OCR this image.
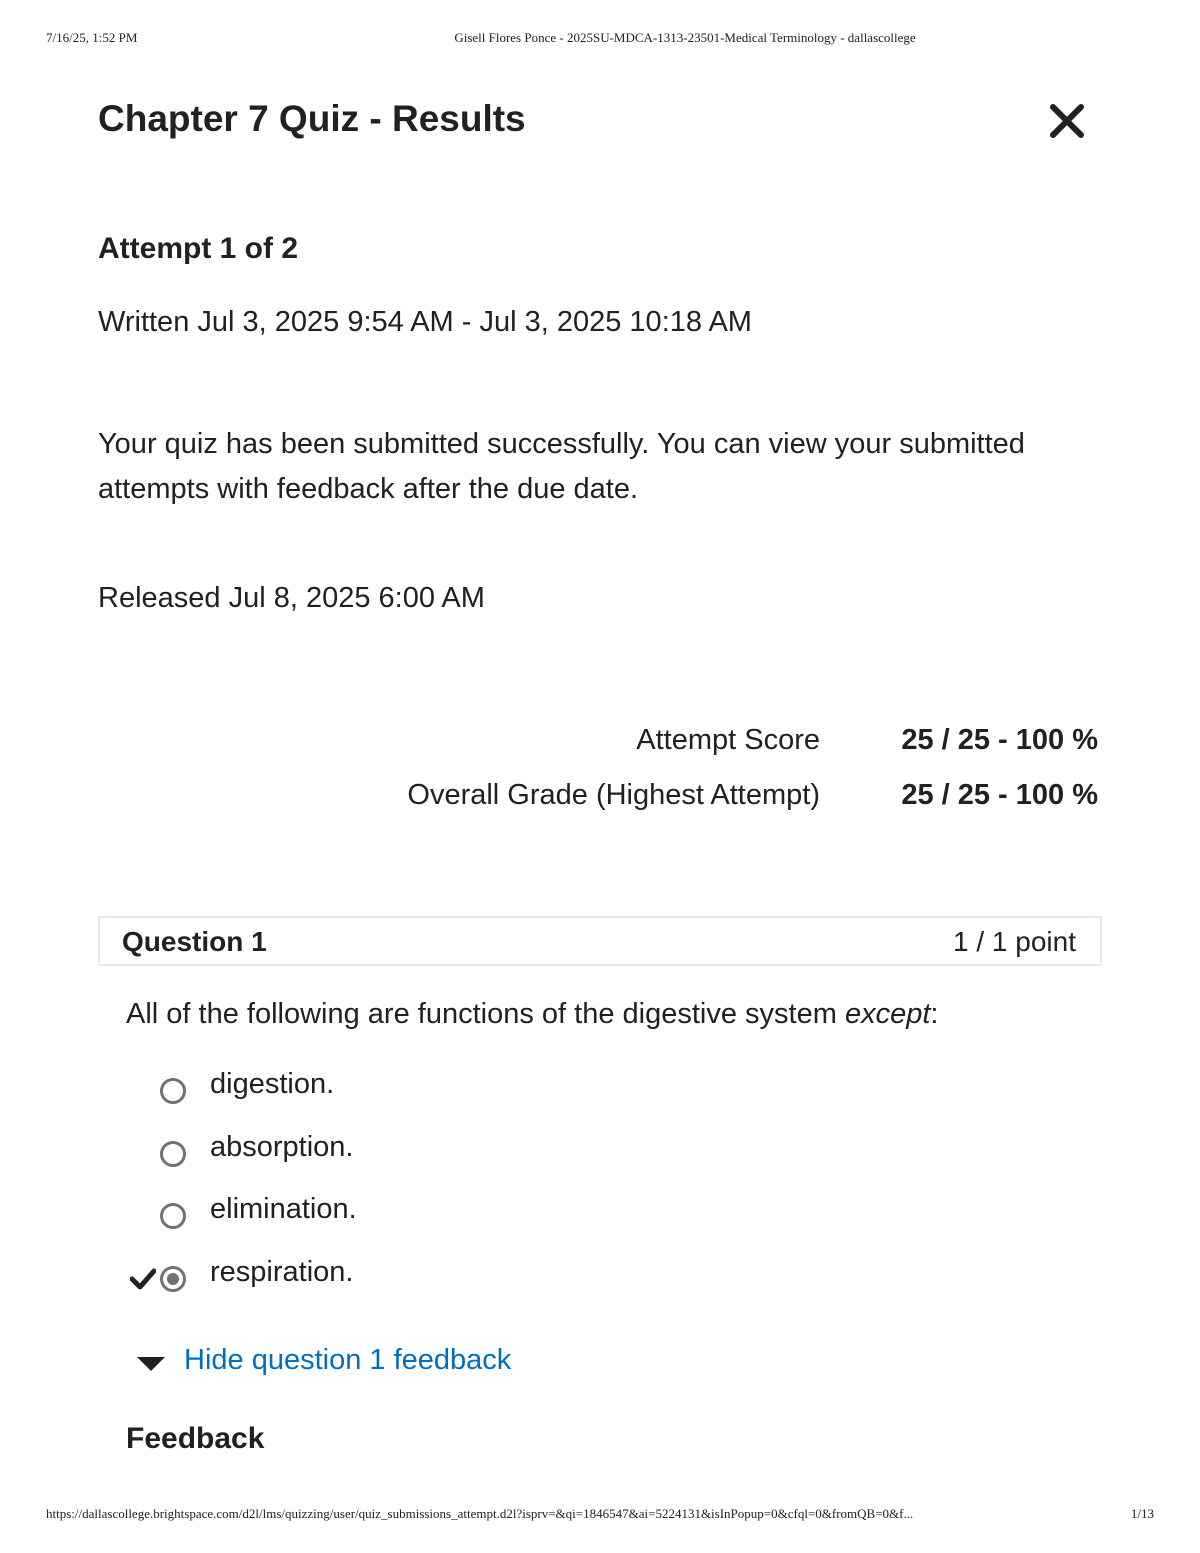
7/16/25, 1:52 PM	Gisell Flores Ponce - 2025SU-MDCA-1313-23501-Medical Terminology - dallascollege
Chapter 7 Quiz - Results
Attempt 1 of 2
Written Jul 3, 2025 9:54 AM - Jul 3, 2025 10:18 AM
Your quiz has been submitted successfully. You can view your submitted attempts with feedback after the due date.
Released Jul 8, 2025 6:00 AM
Attempt Score	25 / 25 - 100 %
Overall Grade (Highest Attempt)	25 / 25 - 100 %
Question 1	1 / 1 point
All of the following are functions of the digestive system except:
digestion.
absorption.
elimination.
respiration.
Hide question 1 feedback
Feedback
https://dallascollege.brightspace.com/d2l/lms/quizzing/user/quiz_submissions_attempt.d2l?isprv=&qi=1846547&ai=5224131&isInPopup=0&cfql=0&fromQB=0&f...	1/13
